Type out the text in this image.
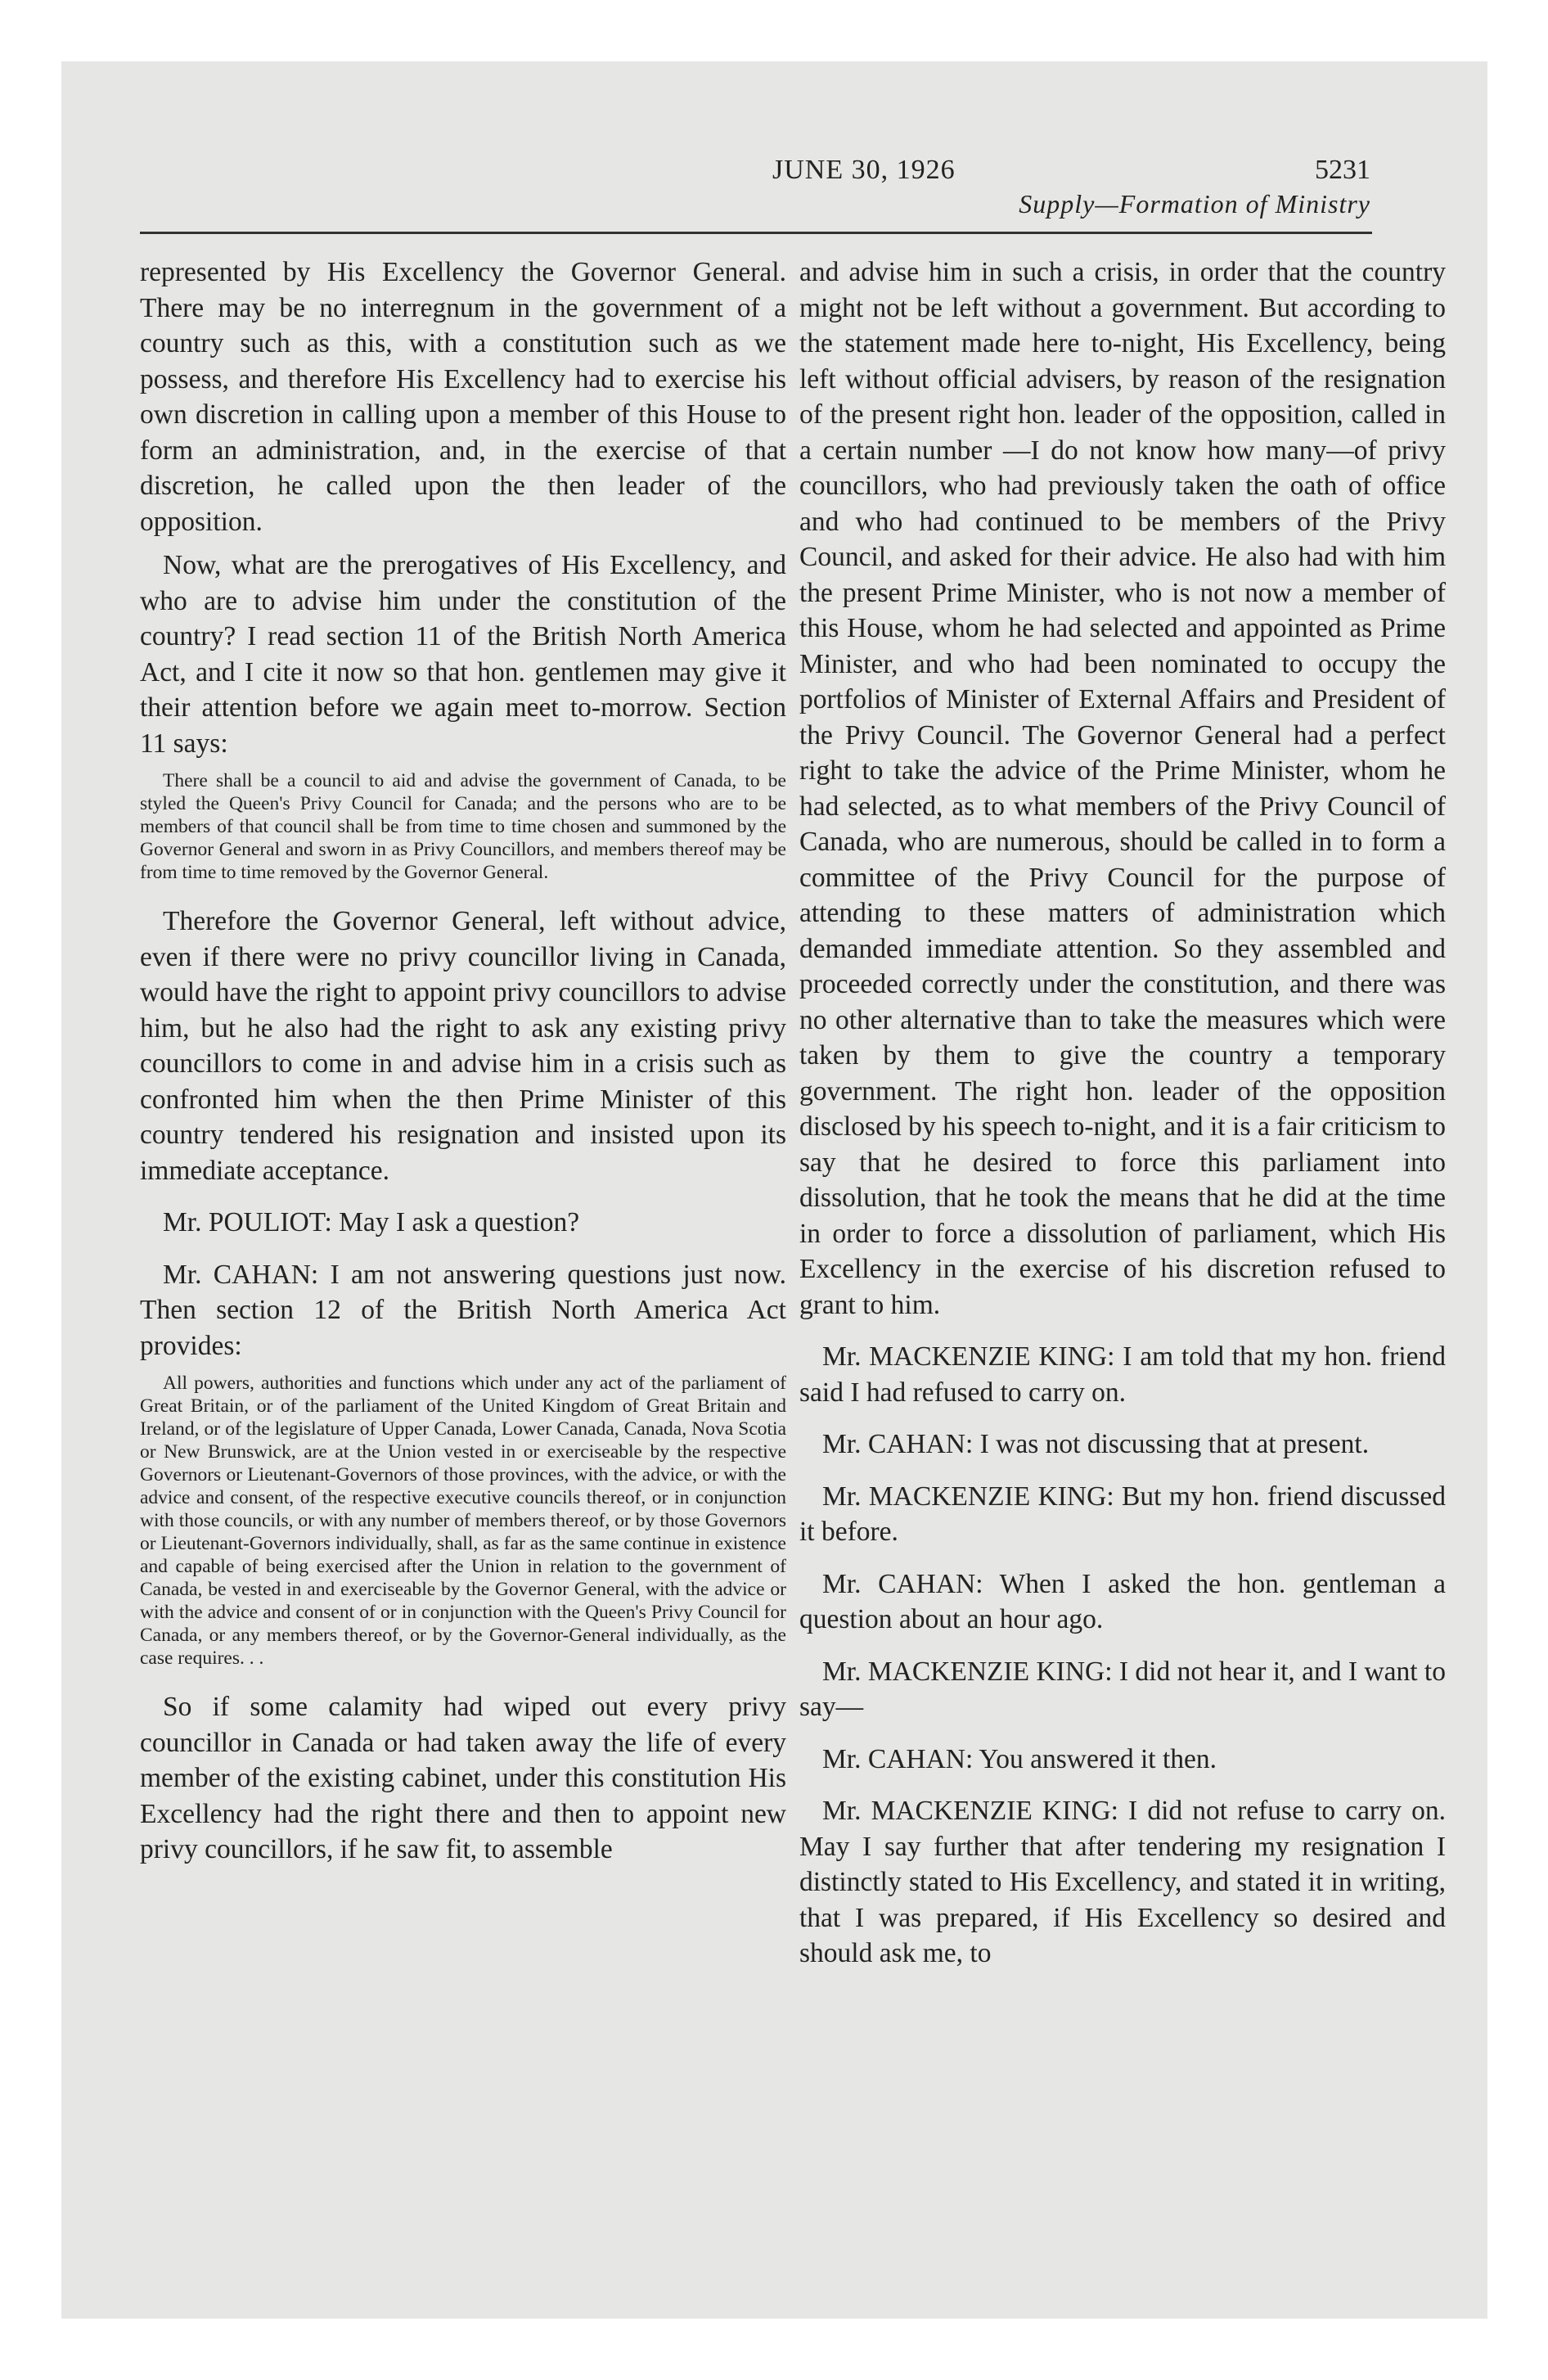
JUNE 30, 1926	5231
Supply—Formation of Ministry

represented by His Excellency the Governor General. There may be no interregnum in the government of a country such as this, with a constitution such as we possess, and therefore His Excellency had to exercise his own discretion in calling upon a member of this House to form an administration, and, in the exercise of that discretion, he called upon the then leader of the opposition.

Now, what are the prerogatives of His Excellency, and who are to advise him under the constitution of the country? I read section 11 of the British North America Act, and I cite it now so that hon. gentlemen may give it their attention before we again meet to-morrow. Section 11 says:

There shall be a council to aid and advise the government of Canada, to be styled the Queen's Privy Council for Canada; and the persons who are to be members of that council shall be from time to time chosen and summoned by the Governor General and sworn in as Privy Councillors, and members thereof may be from time to time removed by the Governor General.

Therefore the Governor General, left without advice, even if there were no privy councillor living in Canada, would have the right to appoint privy councillors to advise him, but he also had the right to ask any existing privy councillors to come in and advise him in a crisis such as confronted him when the then Prime Minister of this country tendered his resignation and insisted upon its immediate acceptance.

Mr. POULIOT: May I ask a question?

Mr. CAHAN: I am not answering questions just now. Then section 12 of the British North America Act provides:

All powers, authorities and functions which under any act of the parliament of Great Britain, or of the parliament of the United Kingdom of Great Britain and Ireland, or of the legislature of Upper Canada, Lower Canada, Canada, Nova Scotia or New Brunswick, are at the Union vested in or exerciseable by the respective Governors or Lieutenant-Governors of those provinces, with the advice, or with the advice and consent, of the respective executive councils thereof, or in conjunction with those councils, or with any number of members thereof, or by those Governors or Lieutenant-Governors individually, shall, as far as the same continue in existence and capable of being exercised after the Union in relation to the government of Canada, be vested in and exerciseable by the Governor General, with the advice or with the advice and consent of or in conjunction with the Queen's Privy Council for Canada, or any members thereof, or by the Governor-General individually, as the case requires. . .

So if some calamity had wiped out every privy councillor in Canada or had taken away the life of every member of the existing cabinet, under this constitution His Excellency had the right there and then to appoint new privy councillors, if he saw fit, to assemble

and advise him in such a crisis, in order that the country might not be left without a government. But according to the statement made here to-night, His Excellency, being left without official advisers, by reason of the resignation of the present right hon. leader of the opposition, called in a certain number —I do not know how many—of privy councillors, who had previously taken the oath of office and who had continued to be members of the Privy Council, and asked for their advice. He also had with him the present Prime Minister, who is not now a member of this House, whom he had selected and appointed as Prime Minister, and who had been nominated to occupy the portfolios of Minister of External Affairs and President of the Privy Council. The Governor General had a perfect right to take the advice of the Prime Minister, whom he had selected, as to what members of the Privy Council of Canada, who are numerous, should be called in to form a committee of the Privy Council for the purpose of attending to these matters of administration which demanded immediate attention. So they assembled and proceeded correctly under the constitution, and there was no other alternative than to take the measures which were taken by them to give the country a temporary government. The right hon. leader of the opposition disclosed by his speech to-night, and it is a fair criticism to say that he desired to force this parliament into dissolution, that he took the means that he did at the time in order to force a dissolution of parliament, which His Excellency in the exercise of his discretion refused to grant to him.

Mr. MACKENZIE KING: I am told that my hon. friend said I had refused to carry on.

Mr. CAHAN: I was not discussing that at present.

Mr. MACKENZIE KING: But my hon. friend discussed it before.

Mr. CAHAN: When I asked the hon. gentleman a question about an hour ago.

Mr. MACKENZIE KING: I did not hear it, and I want to say—

Mr. CAHAN: You answered it then.

Mr. MACKENZIE KING: I did not refuse to carry on. May I say further that after tendering my resignation I distinctly stated to His Excellency, and stated it in writing, that I was prepared, if His Excellency so desired and should ask me, to
